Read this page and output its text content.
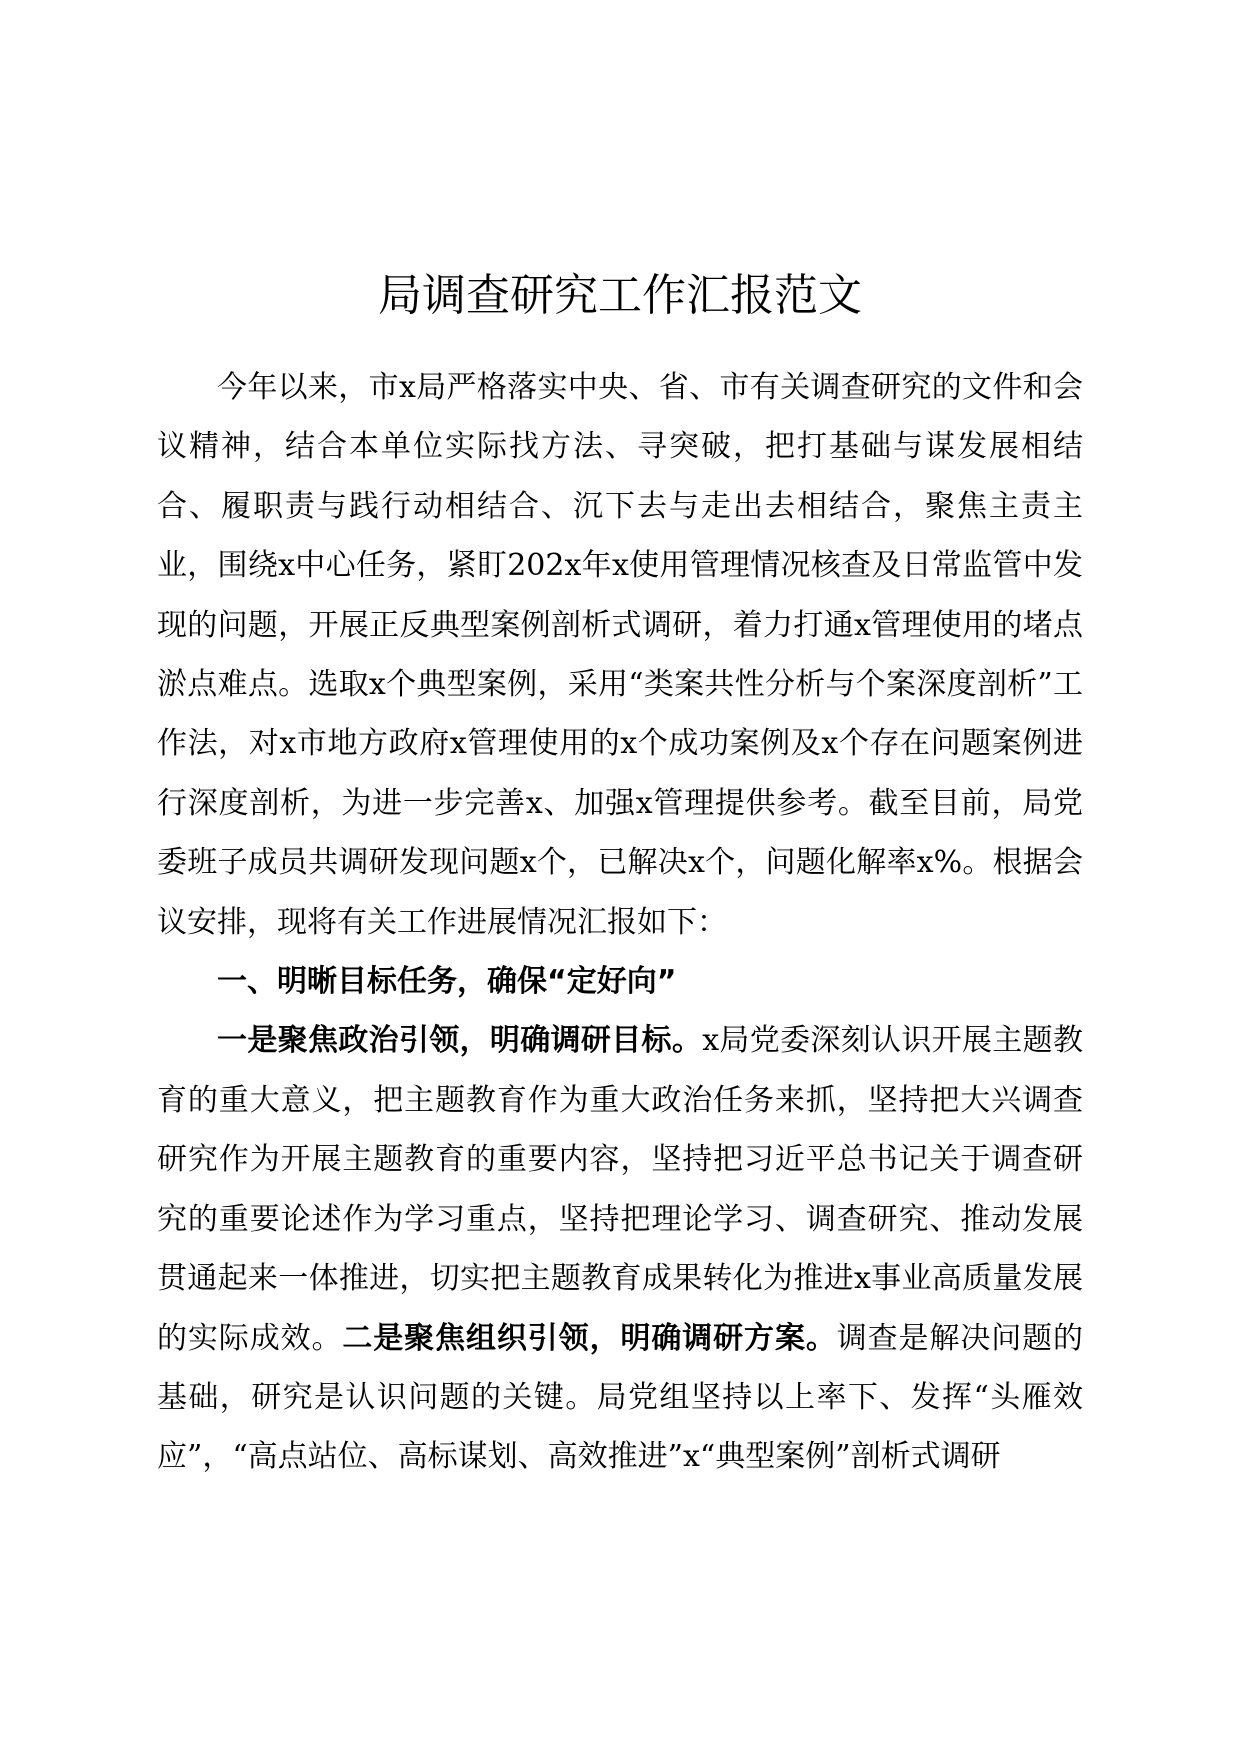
局调查研究工作汇报范文

今年以来，市x局严格落实中央、省、市有关调查研究的文件和会议精神，结合本单位实际找方法、寻突破，把打基础与谋发展相结合、履职责与践行动相结合、沉下去与走出去相结合，聚焦主责主业，围绕x中心任务，紧盯202x年x使用管理情况核查及日常监管中发现的问题，开展正反典型案例剖析式调研，着力打通x管理使用的堵点淤点难点。选取x个典型案例，采用“类案共性分析与个案深度剖析”工作法，对x市地方政府x管理使用的x个成功案例及x个存在问题案例进行深度剖析，为进一步完善x、加强x管理提供参考。截至目前，局党委班子成员共调研发现问题x个，已解决x个，问题化解率x%。根据会议安排，现将有关工作进展情况汇报如下：

一、明晰目标任务，确保“定好向”

一是聚焦政治引领，明确调研目标。x局党委深刻认识开展主题教育的重大意义，把主题教育作为重大政治任务来抓，坚持把大兴调查研究作为开展主题教育的重要内容，坚持把习近平总书记关于调查研究的重要论述作为学习重点，坚持把理论学习、调查研究、推动发展贯通起来一体推进，切实把主题教育成果转化为推进x事业高质量发展的实际成效。二是聚焦组织引领，明确调研方案。调查是解决问题的基础，研究是认识问题的关键。局党组坚持以上率下、发挥“头雁效应”，“高点站位、高标谋划、高效推进”x“典型案例”剖析式调研
